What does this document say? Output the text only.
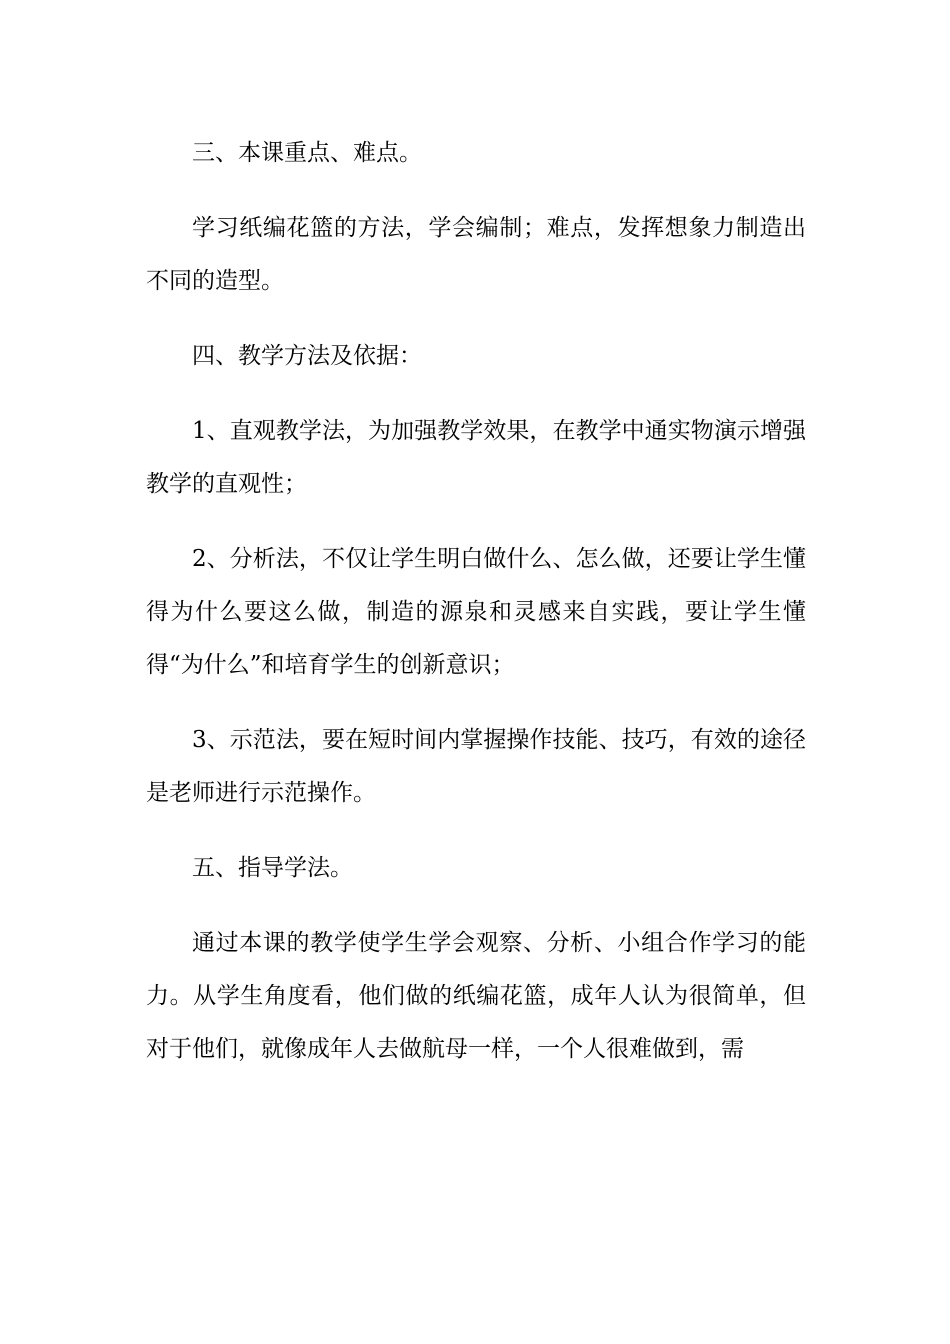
三、本课重点、难点。

学习纸编花篮的方法，学会编制；难点，发挥想象力制造出不同的造型。

四、教学方法及依据：

1、直观教学法，为加强教学效果，在教学中通实物演示增强教学的直观性；

2、分析法，不仅让学生明白做什么、怎么做，还要让学生懂得为什么要这么做，制造的源泉和灵感来自实践，要让学生懂得“为什么”和培育学生的创新意识；

3、示范法，要在短时间内掌握操作技能、技巧，有效的途径是老师进行示范操作。

五、指导学法。

通过本课的教学使学生学会观察、分析、小组合作学习的能力。从学生角度看，他们做的纸编花篮，成年人认为很简单，但对于他们，就像成年人去做航母一样，一个人很难做到，需
